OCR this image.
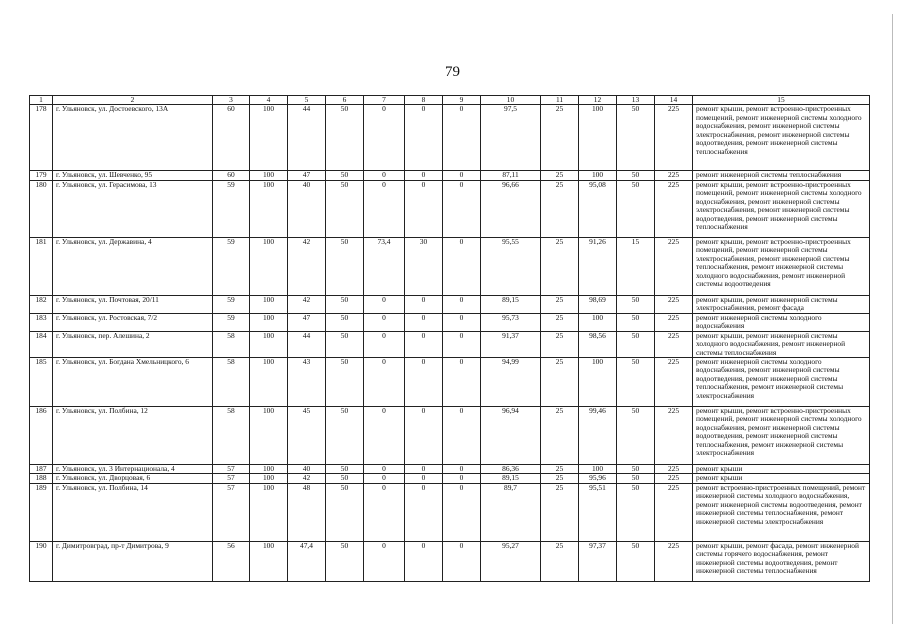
79
1	2	3	4	5	6	7	8	9	10	11	12	13	14	15
178	г. Ульяновск, ул. Достоевского, 13А	60	100	44	50	0	0	0	97,5	25	100	50	225	ремонт крыши, ремонт встроенно-пристроенных помещений, ремонт инженерной системы холодного водоснабжения, ремонт инженерной системы электроснабжения, ремонт инженерной системы водоотведения, ремонт инженерной системы теплоснабжения
179	г. Ульяновск, ул. Шевченко, 95	60	100	47	50	0	0	0	87,11	25	100	50	225	ремонт инженерной системы теплоснабжения
180	г. Ульяновск, ул. Герасимова, 13	59	100	40	50	0	0	0	96,66	25	95,08	50	225	ремонт крыши, ремонт встроенно-пристроенных помещений, ремонт инженерной системы холодного водоснабжения, ремонт инженерной системы электроснабжения, ремонт инженерной системы водоотведения, ремонт инженерной системы теплоснабжения
181	г. Ульяновск, ул. Державина, 4	59	100	42	50	73,4	30	0	95,55	25	91,26	15	225	ремонт крыши, ремонт встроенно-пристроенных помещений, ремонт инженерной системы электроснабжения, ремонт инженерной системы теплоснабжения, ремонт инженерной системы холодного водоснабжения, ремонт инженерной системы водоотведения
182	г. Ульяновск, ул. Почтовая, 20/11	59	100	42	50	0	0	0	89,15	25	98,69	50	225	ремонт крыши, ремонт инженерной системы электроснабжения, ремонт фасада
183	г. Ульяновск, ул. Ростовская, 7/2	59	100	47	50	0	0	0	95,73	25	100	50	225	ремонт инженерной системы холодного водоснабжения
184	г. Ульяновск, пер. Алешина, 2	58	100	44	50	0	0	0	91,37	25	98,56	50	225	ремонт крыши, ремонт инженерной системы холодного водоснабжения, ремонт инженерной системы теплоснабжения
185	г. Ульяновск, ул. Богдана Хмельницкого, 6	58	100	43	50	0	0	0	94,99	25	100	50	225	ремонт инженерной системы холодного водоснабжения, ремонт инженерной системы водоотведения, ремонт инженерной системы теплоснабжения, ремонт инженерной системы электроснабжения
186	г. Ульяновск, ул. Полбина, 12	58	100	45	50	0	0	0	96,94	25	99,46	50	225	ремонт крыши, ремонт встроенно-пристроенных помещений, ремонт инженерной системы холодного водоснабжения, ремонт инженерной системы водоотведения, ремонт инженерной системы теплоснабжения, ремонт инженерной системы электроснабжения
187	г. Ульяновск, ул. 3 Интернационала, 4	57	100	40	50	0	0	0	86,36	25	100	50	225	ремонт крыши
188	г. Ульяновск, ул. Дворцовая, 6	57	100	42	50	0	0	0	89,15	25	95,96	50	225	ремонт крыши
189	г. Ульяновск, ул. Полбина, 14	57	100	48	50	0	0	0	89,7	25	95,51	50	225	ремонт встроенно-пристроенных помещений, ремонт инженерной системы холодного водоснабжения, ремонт инженерной системы водоотведения, ремонт инженерной системы теплоснабжения, ремонт инженерной системы электроснабжения
190	г. Димитровград, пр-т Димитрова, 9	56	100	47,4	50	0	0	0	95,27	25	97,37	50	225	ремонт крыши, ремонт фасада, ремонт инженерной системы горячего водоснабжения, ремонт инженерной системы водоотведения, ремонт инженерной системы теплоснабжения
